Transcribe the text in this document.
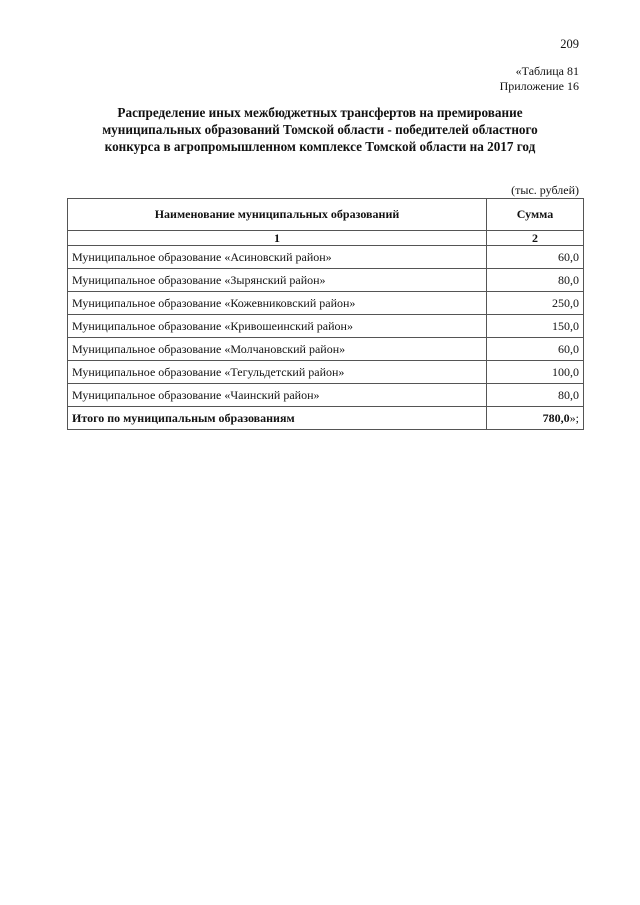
209
«Таблица 81
Приложение 16
Распределение иных межбюджетных трансфертов на премирование
муниципальных образований Томской области - победителей областного
конкурса в агропромышленном комплексе Томской области на 2017 год
(тыс. рублей)
Наименование муниципальных образований	Сумма
1	2
Муниципальное образование «Асиновский район»	60,0
Муниципальное образование «Зырянский район»	80,0
Муниципальное образование «Кожевниковский район»	250,0
Муниципальное образование «Кривошеинский район»	150,0
Муниципальное образование «Молчановский район»	60,0
Муниципальное образование «Тегульдетский район»	100,0
Муниципальное образование «Чаинский район»	80,0
Итого по муниципальным образованиям	780,0»;
